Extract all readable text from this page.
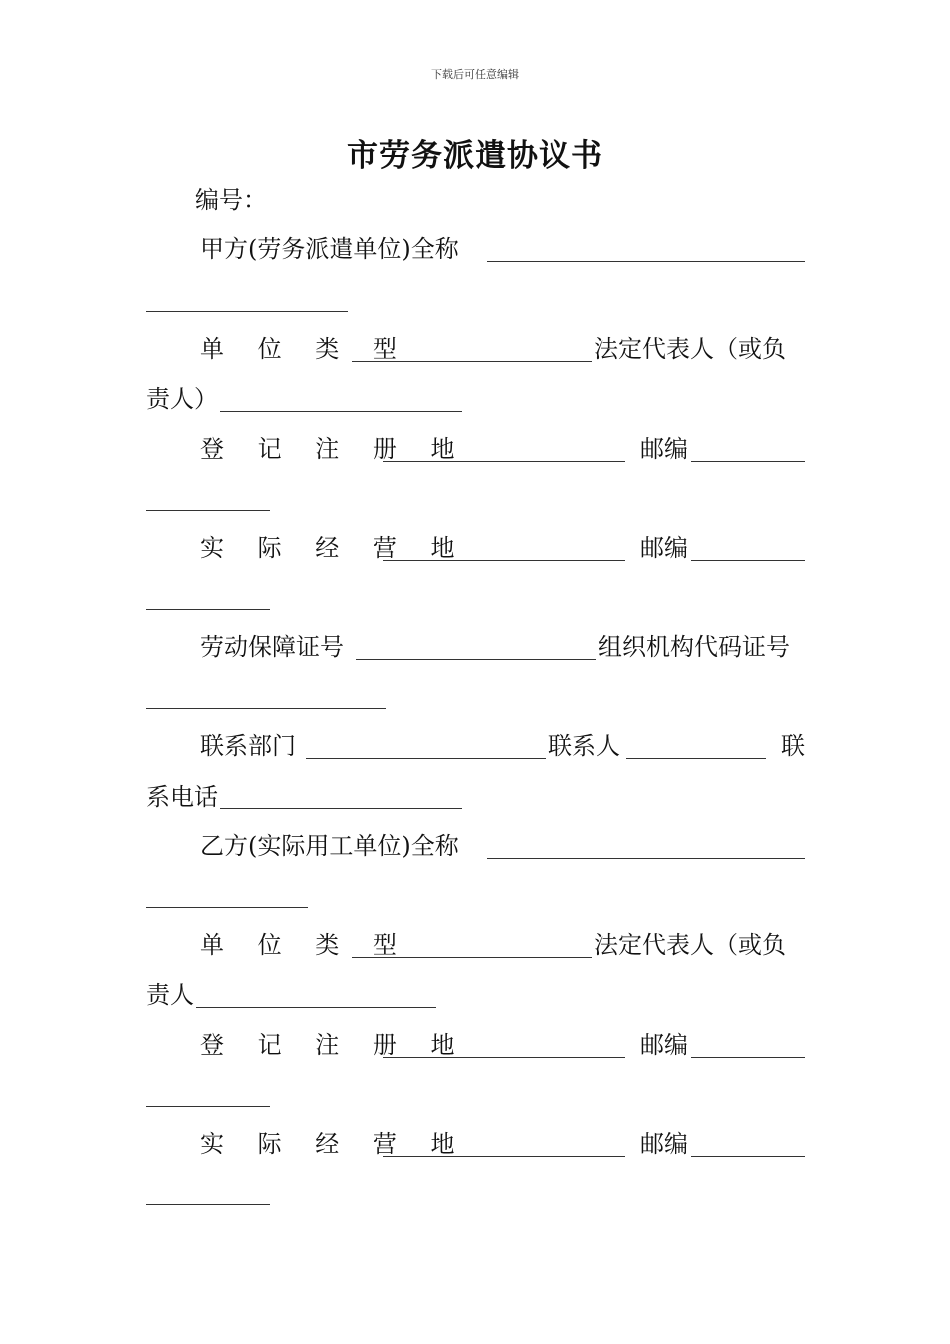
下载后可任意编辑
市劳务派遣协议书
编号：
甲方(劳务派遣单位)全称
单 位 类 型	法定代表人（或负
责人）
登 记 注 册 地	邮编
实 际 经 营 地	邮编
劳动保障证号	组织机构代码证号
联系部门	联系人	联
系电话
乙方(实际用工单位)全称
单 位 类 型	法定代表人（或负
责人
登 记 注 册 地	邮编
实 际 经 营 地	邮编
